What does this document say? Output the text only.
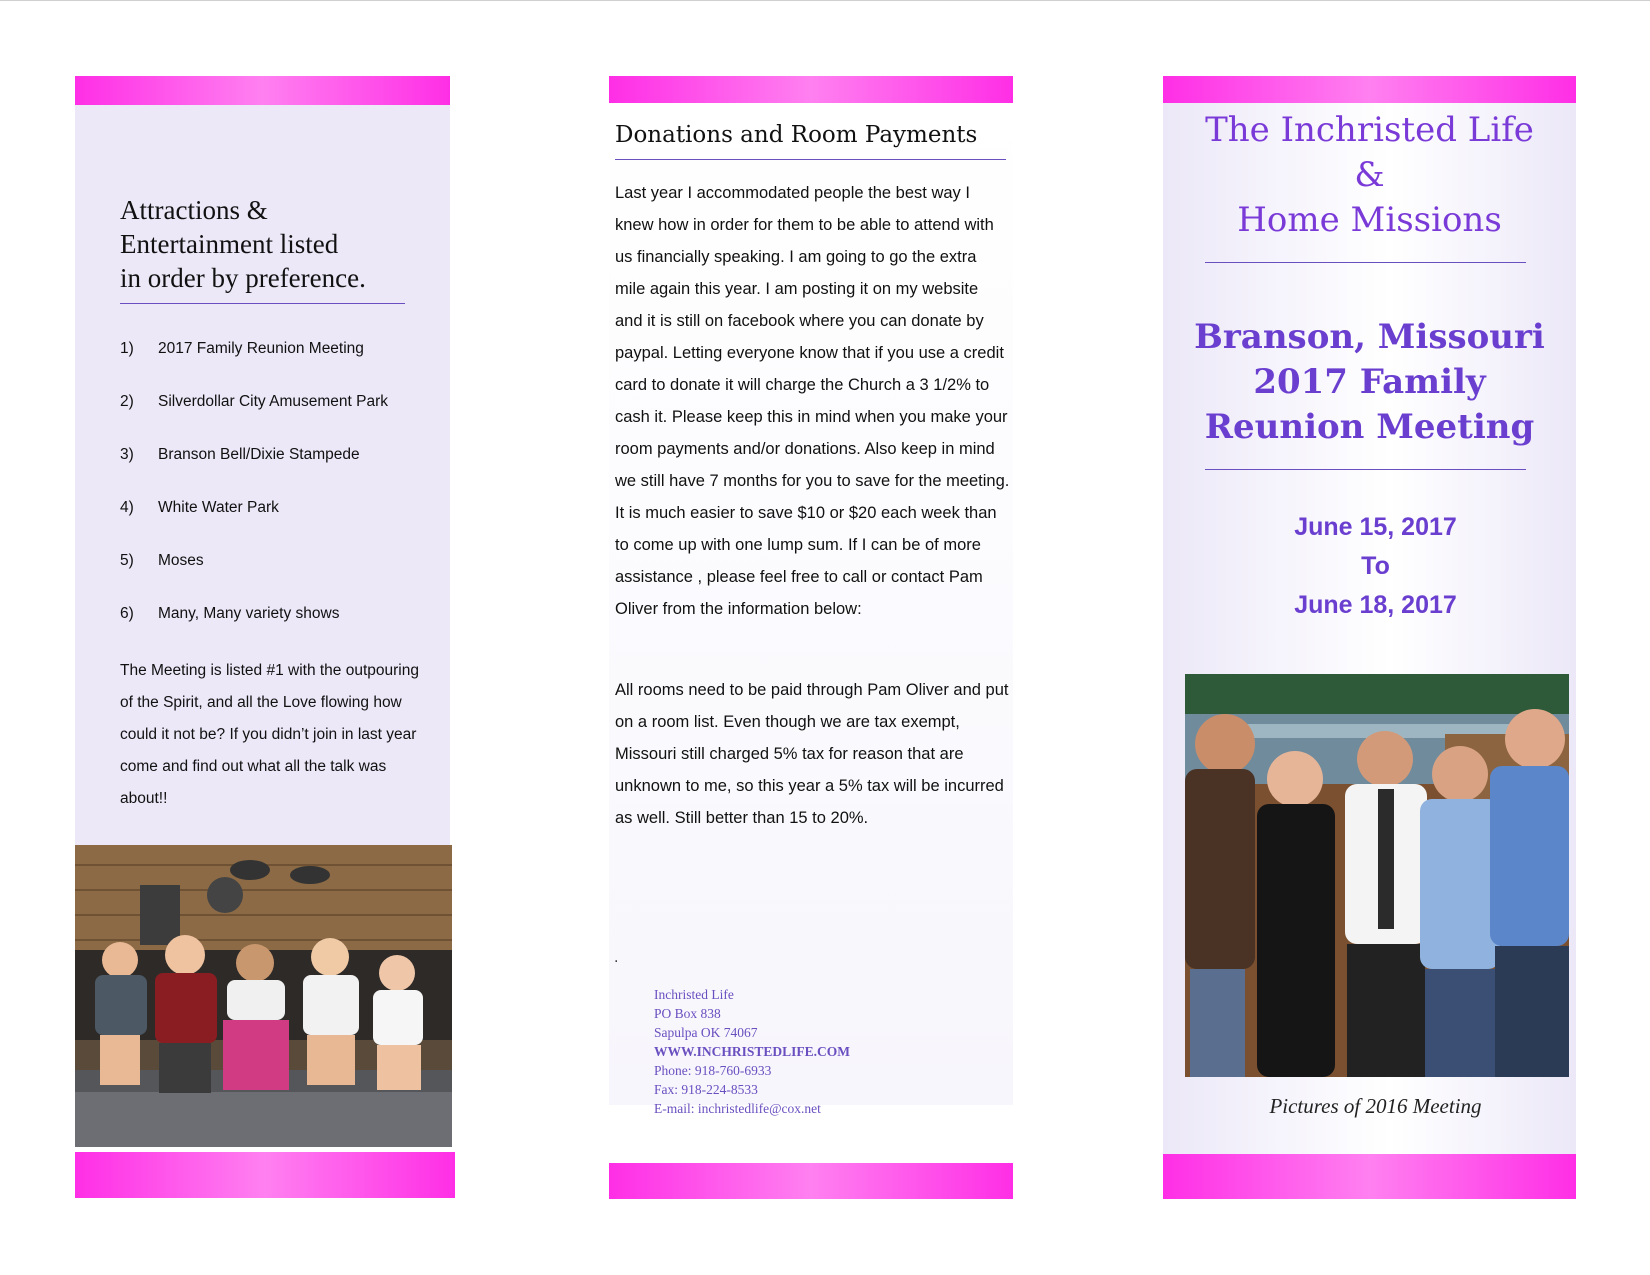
Attractions &
Entertainment listed
in order by preference.
1) 2017 Family Reunion Meeting
2) Silverdollar City Amusement Park
3) Branson Bell/Dixie Stampede
4) White Water Park
5) Moses
6) Many, Many variety shows
The Meeting is listed #1 with the outpouring of the Spirit, and all the Love flowing how could it not be? If you didn’t join in last year come and find out what all the talk was about!!
Donations and Room Payments
Last year I accommodated people the best way I knew how in order for them to be able to attend with us financially speaking. I am going to go the extra mile again this year. I am posting it on my website and it is still on facebook where you can donate by paypal. Letting everyone know that if you use a credit card to donate it will charge the Church a 3 1/2% to cash it. Please keep this in mind when you make your room payments and/or donations. Also keep in mind we still have 7 months for you to save for the meeting. It is much easier to save $10 or $20 each week than to come up with one lump sum. If I can be of more assistance , please feel free to call or contact Pam Oliver from the information below:
All rooms need to be paid through Pam Oliver and put on a room list. Even though we are tax exempt, Missouri still charged 5% tax for reason that are unknown to me, so this year a 5% tax will be incurred as well. Still better than 15 to 20%.
.
Inchristed Life
PO Box 838
Sapulpa OK 74067
WWW.INCHRISTEDLIFE.COM
Phone: 918-760-6933
Fax: 918-224-8533
E-mail: inchristedlife@cox.net
The Inchristed Life
&
Home Missions
Branson, Missouri
2017 Family
Reunion Meeting
June 15, 2017
To
June 18, 2017
Pictures of 2016 Meeting
